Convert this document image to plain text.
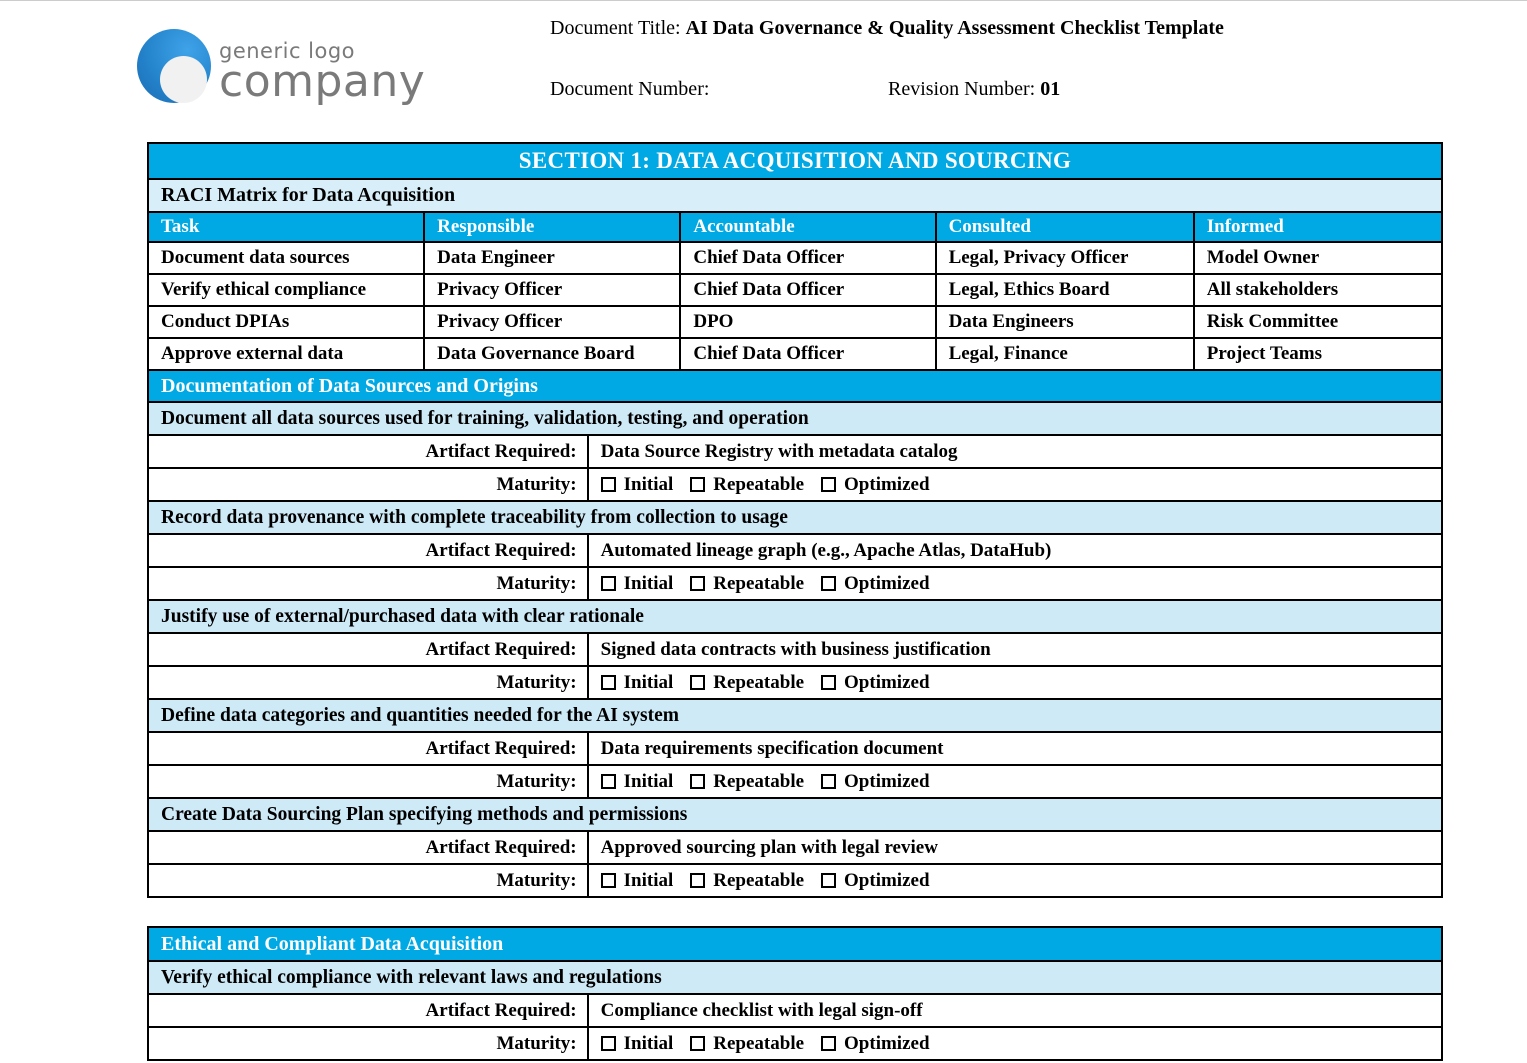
generic logo
company
Document Title: AI Data Governance & Quality Assessment Checklist Template
Document Number:	Revision Number: 01
SECTION 1: DATA ACQUISITION AND SOURCING
RACI Matrix for Data Acquisition
Task	Responsible	Accountable	Consulted	Informed
Document data sources	Data Engineer	Chief Data Officer	Legal, Privacy Officer	Model Owner
Verify ethical compliance	Privacy Officer	Chief Data Officer	Legal, Ethics Board	All stakeholders
Conduct DPIAs	Privacy Officer	DPO	Data Engineers	Risk Committee
Approve external data	Data Governance Board	Chief Data Officer	Legal, Finance	Project Teams
Documentation of Data Sources and Origins
Document all data sources used for training, validation, testing, and operation
Artifact Required:	Data Source Registry with metadata catalog
Maturity:	Initial Repeatable Optimized
Record data provenance with complete traceability from collection to usage
Artifact Required:	Automated lineage graph (e.g., Apache Atlas, DataHub)
Maturity:	Initial Repeatable Optimized
Justify use of external/purchased data with clear rationale
Artifact Required:	Signed data contracts with business justification
Maturity:	Initial Repeatable Optimized
Define data categories and quantities needed for the AI system
Artifact Required:	Data requirements specification document
Maturity:	Initial Repeatable Optimized
Create Data Sourcing Plan specifying methods and permissions
Artifact Required:	Approved sourcing plan with legal review
Maturity:	Initial Repeatable Optimized
Ethical and Compliant Data Acquisition
Verify ethical compliance with relevant laws and regulations
Artifact Required:	Compliance checklist with legal sign-off
Maturity:	Initial Repeatable Optimized
